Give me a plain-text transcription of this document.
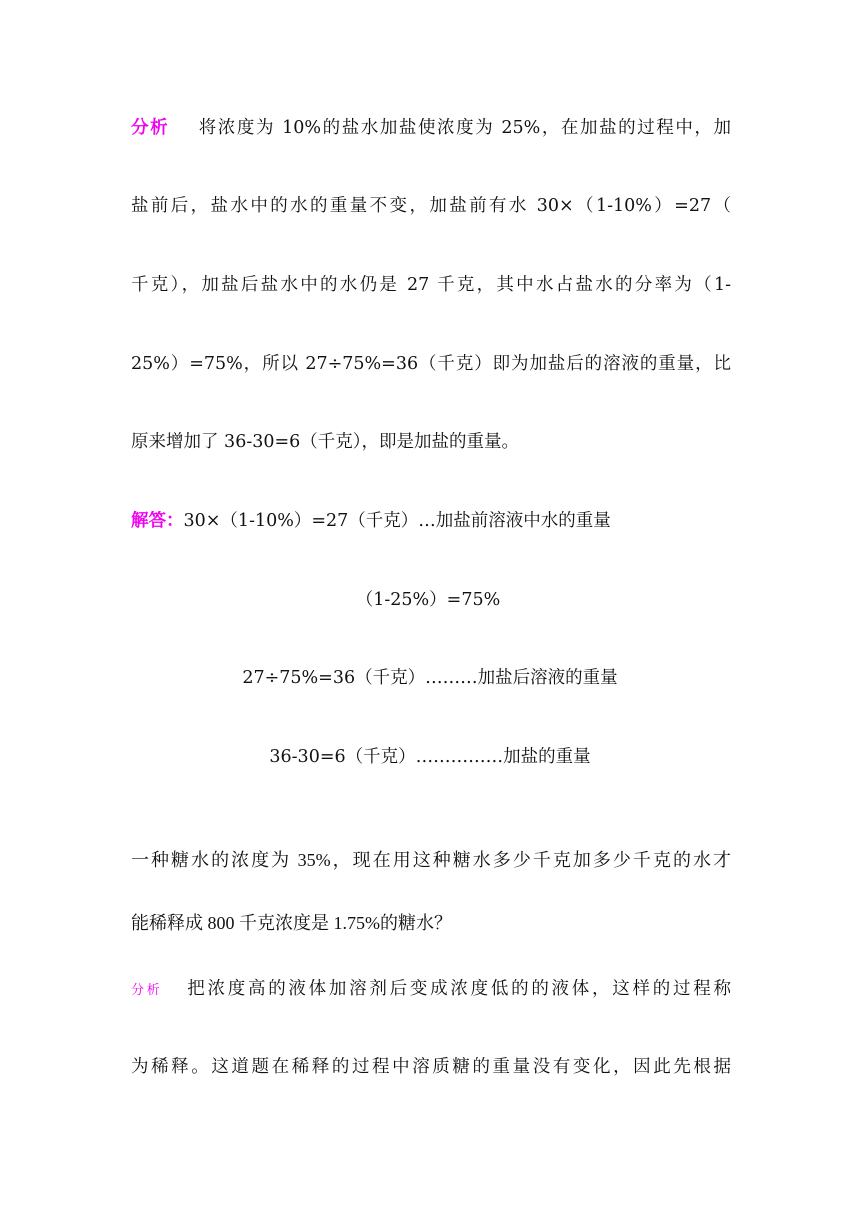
分析 将浓度为 10%的盐水加盐使浓度为 25%，在加盐的过程中，加
盐前后，盐水中的水的重量不变，加盐前有水 30×（1-10%）=27（
千克），加盐后盐水中的水仍是 27 千克，其中水占盐水的分率为（1-
25%）=75%，所以 27÷75%=36（千克）即为加盐后的溶液的重量，比
原来增加了 36-30=6（千克），即是加盐的重量。
解答：30×（1-10%）=27（千克）…加盐前溶液中水的重量
（1-25%）=75%
27÷75%=36（千克）………加盐后溶液的重量
36-30=6（千克）……………加盐的重量
一种糖水的浓度为 35%，现在用这种糖水多少千克加多少千克的水才
能稀释成 800 千克浓度是 1.75%的糖水？
分析 把浓度高的液体加溶剂后变成浓度低的的液体，这样的过程称
为稀释。这道题在稀释的过程中溶质糖的重量没有变化，因此先根据
